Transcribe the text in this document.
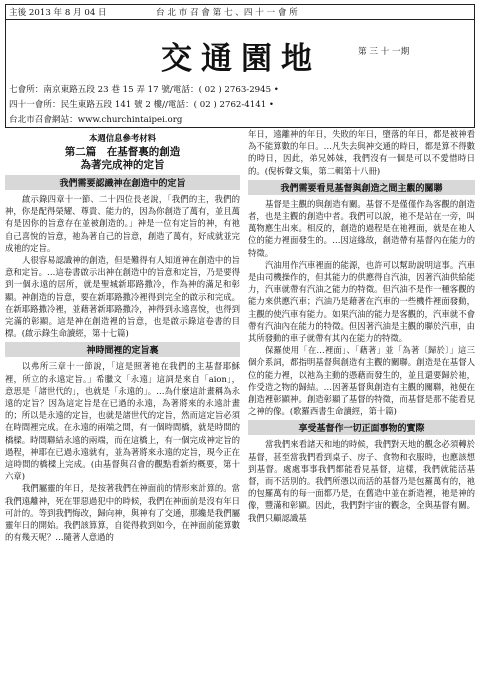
主後 2013 年 8 月 04 日	台 北 市 召 會 第 七 、四 十 一 會 所
交通園地	第 三 十 一期
七會所：南京東路五段 23 巷 15 弄 17 號/電話：( 02 ) 2763-2945 •
四十一會所：民生東路五段 141 號 2 樓//電話：( 02 ) 2762-4141 •
台北市召會網站：www.churchintaipei.org
本週信息參考材料
第二篇　在基督裏的創造
為著完成神的定旨
我們需要認識神在創造中的定旨

啟示錄四章十一節、二十四位長老說，「我們的主，我們的神，你是配得榮耀、尊貴、能力的，因為你創造了萬有，並且萬有是因你的旨意存在並被創造的。」神是一位有定旨的神，有祂自己喜悅的旨意，祂為著自己的旨意，創造了萬有，好成就並完成祂的定旨。

人很容易認識神的創造，但是難得有人知道神在創造中的旨意和定旨。…這卷書啟示出神在創造中的旨意和定旨，乃是要得到一個永遠的居所，就是聖城新耶路撒冷，作為神的滿足和彰顯。神創造的旨意，要在新耶路撒冷裡得到完全的啟示和完成。在新耶路撒冷裡，並藉著新耶路撒冷，神得到永遠喜悅，也得到完滿的彰顯。這是神在創造裡的旨意，也是啟示錄這卷書的目標。(啟示錄生命讀經，第十七篇)

神時間裡的定旨裏

以弗所三章十一節說，「這是照著祂在我們的主基督耶穌裡，所立的永遠定旨。」希臘文「永遠」這詞是來自「aion」，意思是「諸世代的」，也就是「永遠的」。…為什麼這計畫稱為永遠的定旨？因為這定旨是在已過的永遠，為著將來的永遠計畫的；所以是永遠的定旨，也就是諸世代的定旨，然而這定旨必須在時間裡完成。在永遠的兩端之間，有一個時間橋，就是時間的橋樑。時間聯結永遠的兩端，而在這橋上，有一個完成神定旨的過程，神耶在已過永遠就有，並為著將來永遠的定旨，現今正在這時間的橋樑上完成。(由基督與召會的觀點看新約概要，第十六章)

我們屬靈的年日，是按著我們在神面前的情形來計算的。當我們遠離神，死在罪惡過犯中的時候，我們在神面前是沒有年日可計的。等到我們悔改，歸向神，與神有了交通，那纔是我們屬靈年日的開始。我們該算算，自從得救到如今，在神面前能算數的有幾天呢？…隨著人意過的

年日，遠離神的年日，失敗的年日，墮落的年日，都是被神看為不能算數的年日。…凡失去與神交通的時日，都是算不得數的時日，因此，弟兄姊妹，我們沒有一個是可以不愛惜時日的。(倪柝聲文集，第二輯第十八冊)

我們需要看見基督與創造之間主觀的關聯

基督是主觀的與創造有關。基督不是僅僅作為客觀的創造者，也是主觀的創造中者。我們可以說，祂不是站在一旁，叫萬物應生出來。相反的，創造的過程是在祂裡面，就是在祂人位的能力裡面發生的。…因這緣故，創造帶有基督內在能力的特徵。

汽油用作汽車裡面的能源，也許可以幫助說明這事。汽車是由司機操作的，但其能力的供應得自汽油，因著汽油供給能力，汽車就帶有汽油之能力的特徵。但汽油不是作一種客觀的能力來供應汽車；汽油乃是藉著在汽車的一些機件裡面發動，主觀的使汽車有能力。如果汽油的能力是客觀的，汽車就不會帶有汽油內在能力的特徵。但因著汽油是主觀的聯於汽車，由其所發動的車子就帶有其內在能力的特徵。

保羅使用「在…裡面」、「藉著」並「為著〔歸於〕」這三個介系詞，都指明基督與創造有主觀的關聯。創造是在基督人位的能力裡，以祂為主動的憑藉而發生的，並且還要歸於祂，作受造之物的歸結。…因著基督與創造有主觀的關聯，祂便在創造裡彰顯神。創造彰顯了基督的特徵，而基督是那不能看見之神的像。(歌羅西書生命讀經，第十篇)

享受基督作一切正面事物的實際

當我們來看諸天和地的時候，我們對天地的觀念必須轉於基督，甚至當我們看到桌子、房子、食物和衣服時，也應該想到基督。處處事事我們都能看見基督，這樣，我們就能活基督，而不活別的。我們所憑以而活的基督乃是包羅萬有的，祂的包羅萬有的每一面都乃是，在舊造中並在新造裡，祂是神的像，豐滿和彰顯。因此，我們對宇宙的觀念，全與基督有關。我們只顧認識基
